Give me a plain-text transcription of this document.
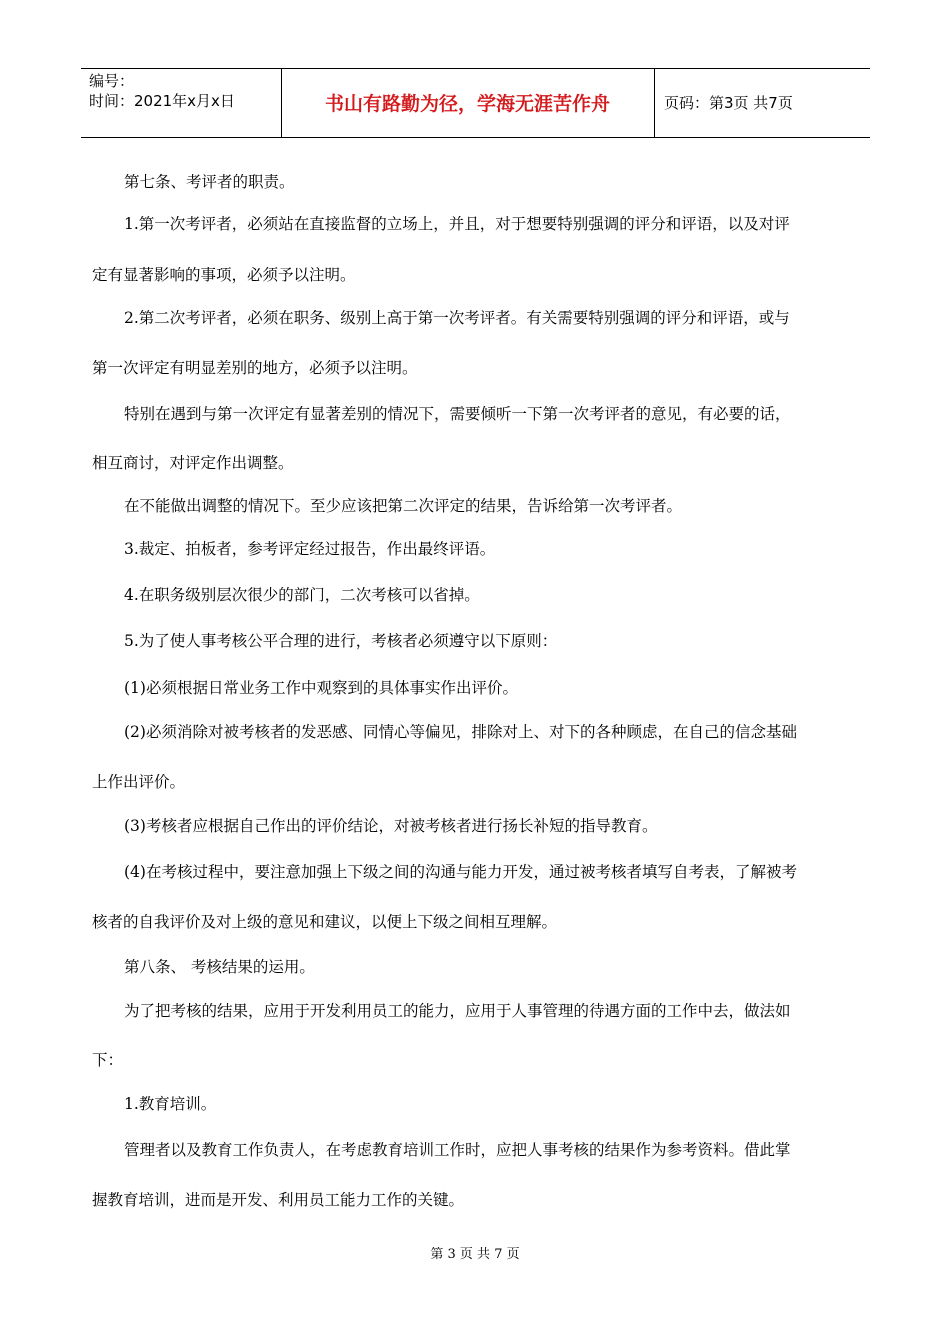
编号：
时间：2021年x月x日	书山有路勤为径，学海无涯苦作舟	页码：第3页 共7页
第七条、考评者的职责。
1.第一次考评者，必须站在直接监督的立场上，并且，对于想要特别强调的评分和评语，以及对评
定有显著影响的事项，必须予以注明。
2.第二次考评者，必须在职务、级别上高于第一次考评者。有关需要特别强调的评分和评语，或与
第一次评定有明显差别的地方，必须予以注明。
特别在遇到与第一次评定有显著差别的情况下，需要倾听一下第一次考评者的意见，有必要的话，
相互商讨，对评定作出调整。
在不能做出调整的情况下。至少应该把第二次评定的结果，告诉给第一次考评者。
3.裁定、拍板者，参考评定经过报告，作出最终评语。
4.在职务级别层次很少的部门，二次考核可以省掉。
5.为了使人事考核公平合理的进行，考核者必须遵守以下原则：
(1)必须根据日常业务工作中观察到的具体事实作出评价。
(2)必须消除对被考核者的发恶感、同情心等偏见，排除对上、对下的各种顾虑，在自己的信念基础
上作出评价。
(3)考核者应根据自己作出的评价结论，对被考核者进行扬长补短的指导教育。
(4)在考核过程中，要注意加强上下级之间的沟通与能力开发，通过被考核者填写自考表，了解被考
核者的自我评价及对上级的意见和建议，以便上下级之间相互理解。
第八条、 考核结果的运用。
为了把考核的结果，应用于开发利用员工的能力，应用于人事管理的待遇方面的工作中去，做法如
下：
1.教育培训。
管理者以及教育工作负责人，在考虑教育培训工作时，应把人事考核的结果作为参考资料。借此掌
握教育培训，进而是开发、利用员工能力工作的关键。
第 3 页 共 7 页
